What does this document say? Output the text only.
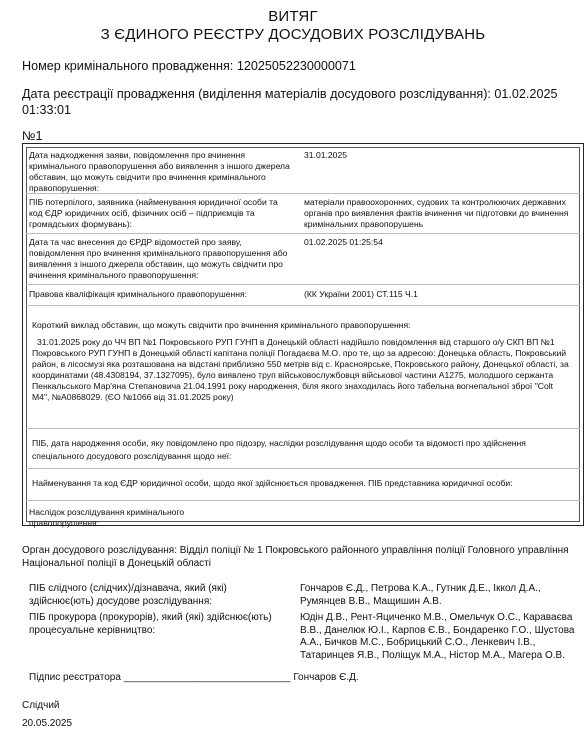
ВИТЯГ
З ЄДИНОГО РЕЄСТРУ ДОСУДОВИХ РОЗСЛІДУВАНЬ
Номер кримінального провадження: 12025052230000071
Дата реєстрації провадження (виділення матеріалів досудового розслідування): 01.02.2025
01:33:01
№1
Дата надходження заяви, повідомлення про вчинення кримінального правопорушення або виявлення з іншого джерела обставин, що можуть свідчити про вчинення кримінального правопорушення:
31.01.2025
ПІБ потерпілого, заявника (найменування юридичної особи та код ЄДР юридичних осіб, фізичних осіб – підприємців та громадських формувань):
матеріали правоохоронних, судових та контролюючих державних органів про виявлення фактів вчинення чи підготовки до вчинення кримінальних правопорушень
Дата та час внесення до ЄРДР відомостей про заяву, повідомлення про вчинення кримінального правопорушення або виявлення з іншого джерела обставин, що можуть свідчити про вчинення кримінального правопорушення:
01.02.2025 01:25:54
Правова кваліфікація кримінального правопорушення:	(КК України 2001) СТ.115 Ч.1
Короткий виклад обставин, що можуть свідчити про вчинення кримінального правопорушення:
31.01.2025 року до ЧЧ ВП №1 Покровського РУП ГУНП в Донецькій області надійшло повідомлення від старшого о/у СКП ВП №1 Покровського РУП ГУНП в Донецькій області капітана поліції Погадаєва М.О. про те, що за адресою: Донецька область, Покровський район, в лісосмузі яка розташована на відстані приблизно 550 метрів від с. Красноярське, Покровського району, Донецької області, за координатами (48.4308194, 37.1327095), було виявлено труп військовослужбовця військової частини А1275, молодшого сержанта Пенкальського Мар'яна Степановича 21.04.1991 року народження, біля якого знаходилась його табельна вогнепальної зброї "Colt M4", №А0868029. (ЄО №1066 від 31.01.2025 року)
ПІБ, дата народження особи, яку повідомлено про підозру, наслідки розслідування щодо особи та відомості про здійснення спеціального досудового розслідування щодо неї:
Найменування та код ЄДР юридичної особи, щодо якої здійснюється провадження. ПІБ представника юридичної особи:
Наслідок розслідування кримінального правопорушення:
Орган досудового розслідування: Відділ поліції № 1 Покровського районного управління поліції Головного управління Національної поліції в Донецькій області
ПІБ слідчого (слідчих)/дізнавача, який (які) здійснює(ють) досудове розслідування:
Гончаров Є.Д., Петрова К.А., Гутник Д.Е., Іккол Д.А., Румянцев В.В., Мащишин А.В.
ПІБ прокурора (прокурорів), який (які) здійснює(ють) процесуальне керівництво:
Юдін Д.В., Рент-Яциченко М.В., Омельчук О.С., Караваєва В.В., Данелюк Ю.І., Карпов Є.В., Бондаренко Г.О., Шустова А.А., Бичков М.С., Бобрицький С.О., Ленкевич І.В., Татаринцев Я.В., Поліщук М.А., Ністор М.А., Магера О.В.
Підпис реєстратора ______________________________ Гончаров Є.Д.
Слідчий
20.05.2025
